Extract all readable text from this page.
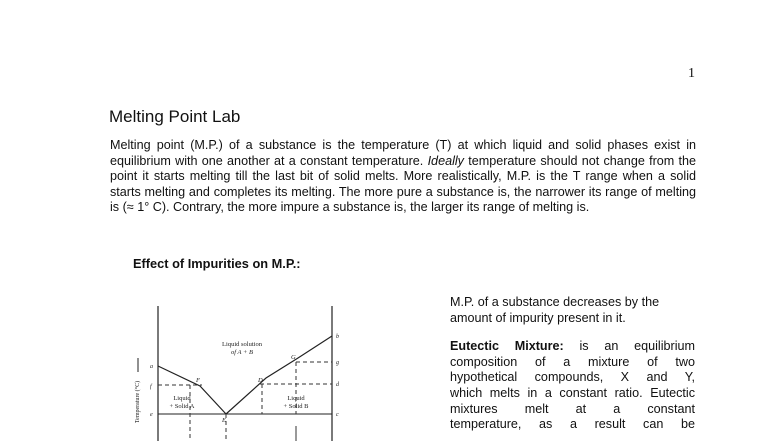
1
Melting Point Lab

Melting point (M.P.) of a substance is the temperature (T) at which liquid and solid phases exist in equilibrium with one another at a constant temperature. Ideally temperature should not change from the point it starts melting till the last bit of solid melts. More realistically, M.P. is the T range when a solid starts melting and completes its melting. The more pure a substance is, the narrower its range of melting is (≈ 1° C). Contrary, the more impure a substance is, the larger its range of melting is.

Effect of Impurities on M.P.:
Liquid solution
of A + B
Liquid
+ Solid A
Liquid
+ Solid B
a
f
e
F
E
D
G
b
g
d
c
Temperature (°C)

M.P. of a substance decreases by the amount of impurity present in it.

Eutectic Mixture: is an equilibrium
composition of a mixture of two
hypothetical compounds, X and Y,
which melts in a constant ratio. Eutectic
mixtures melt at a constant
temperature, as a result can be
